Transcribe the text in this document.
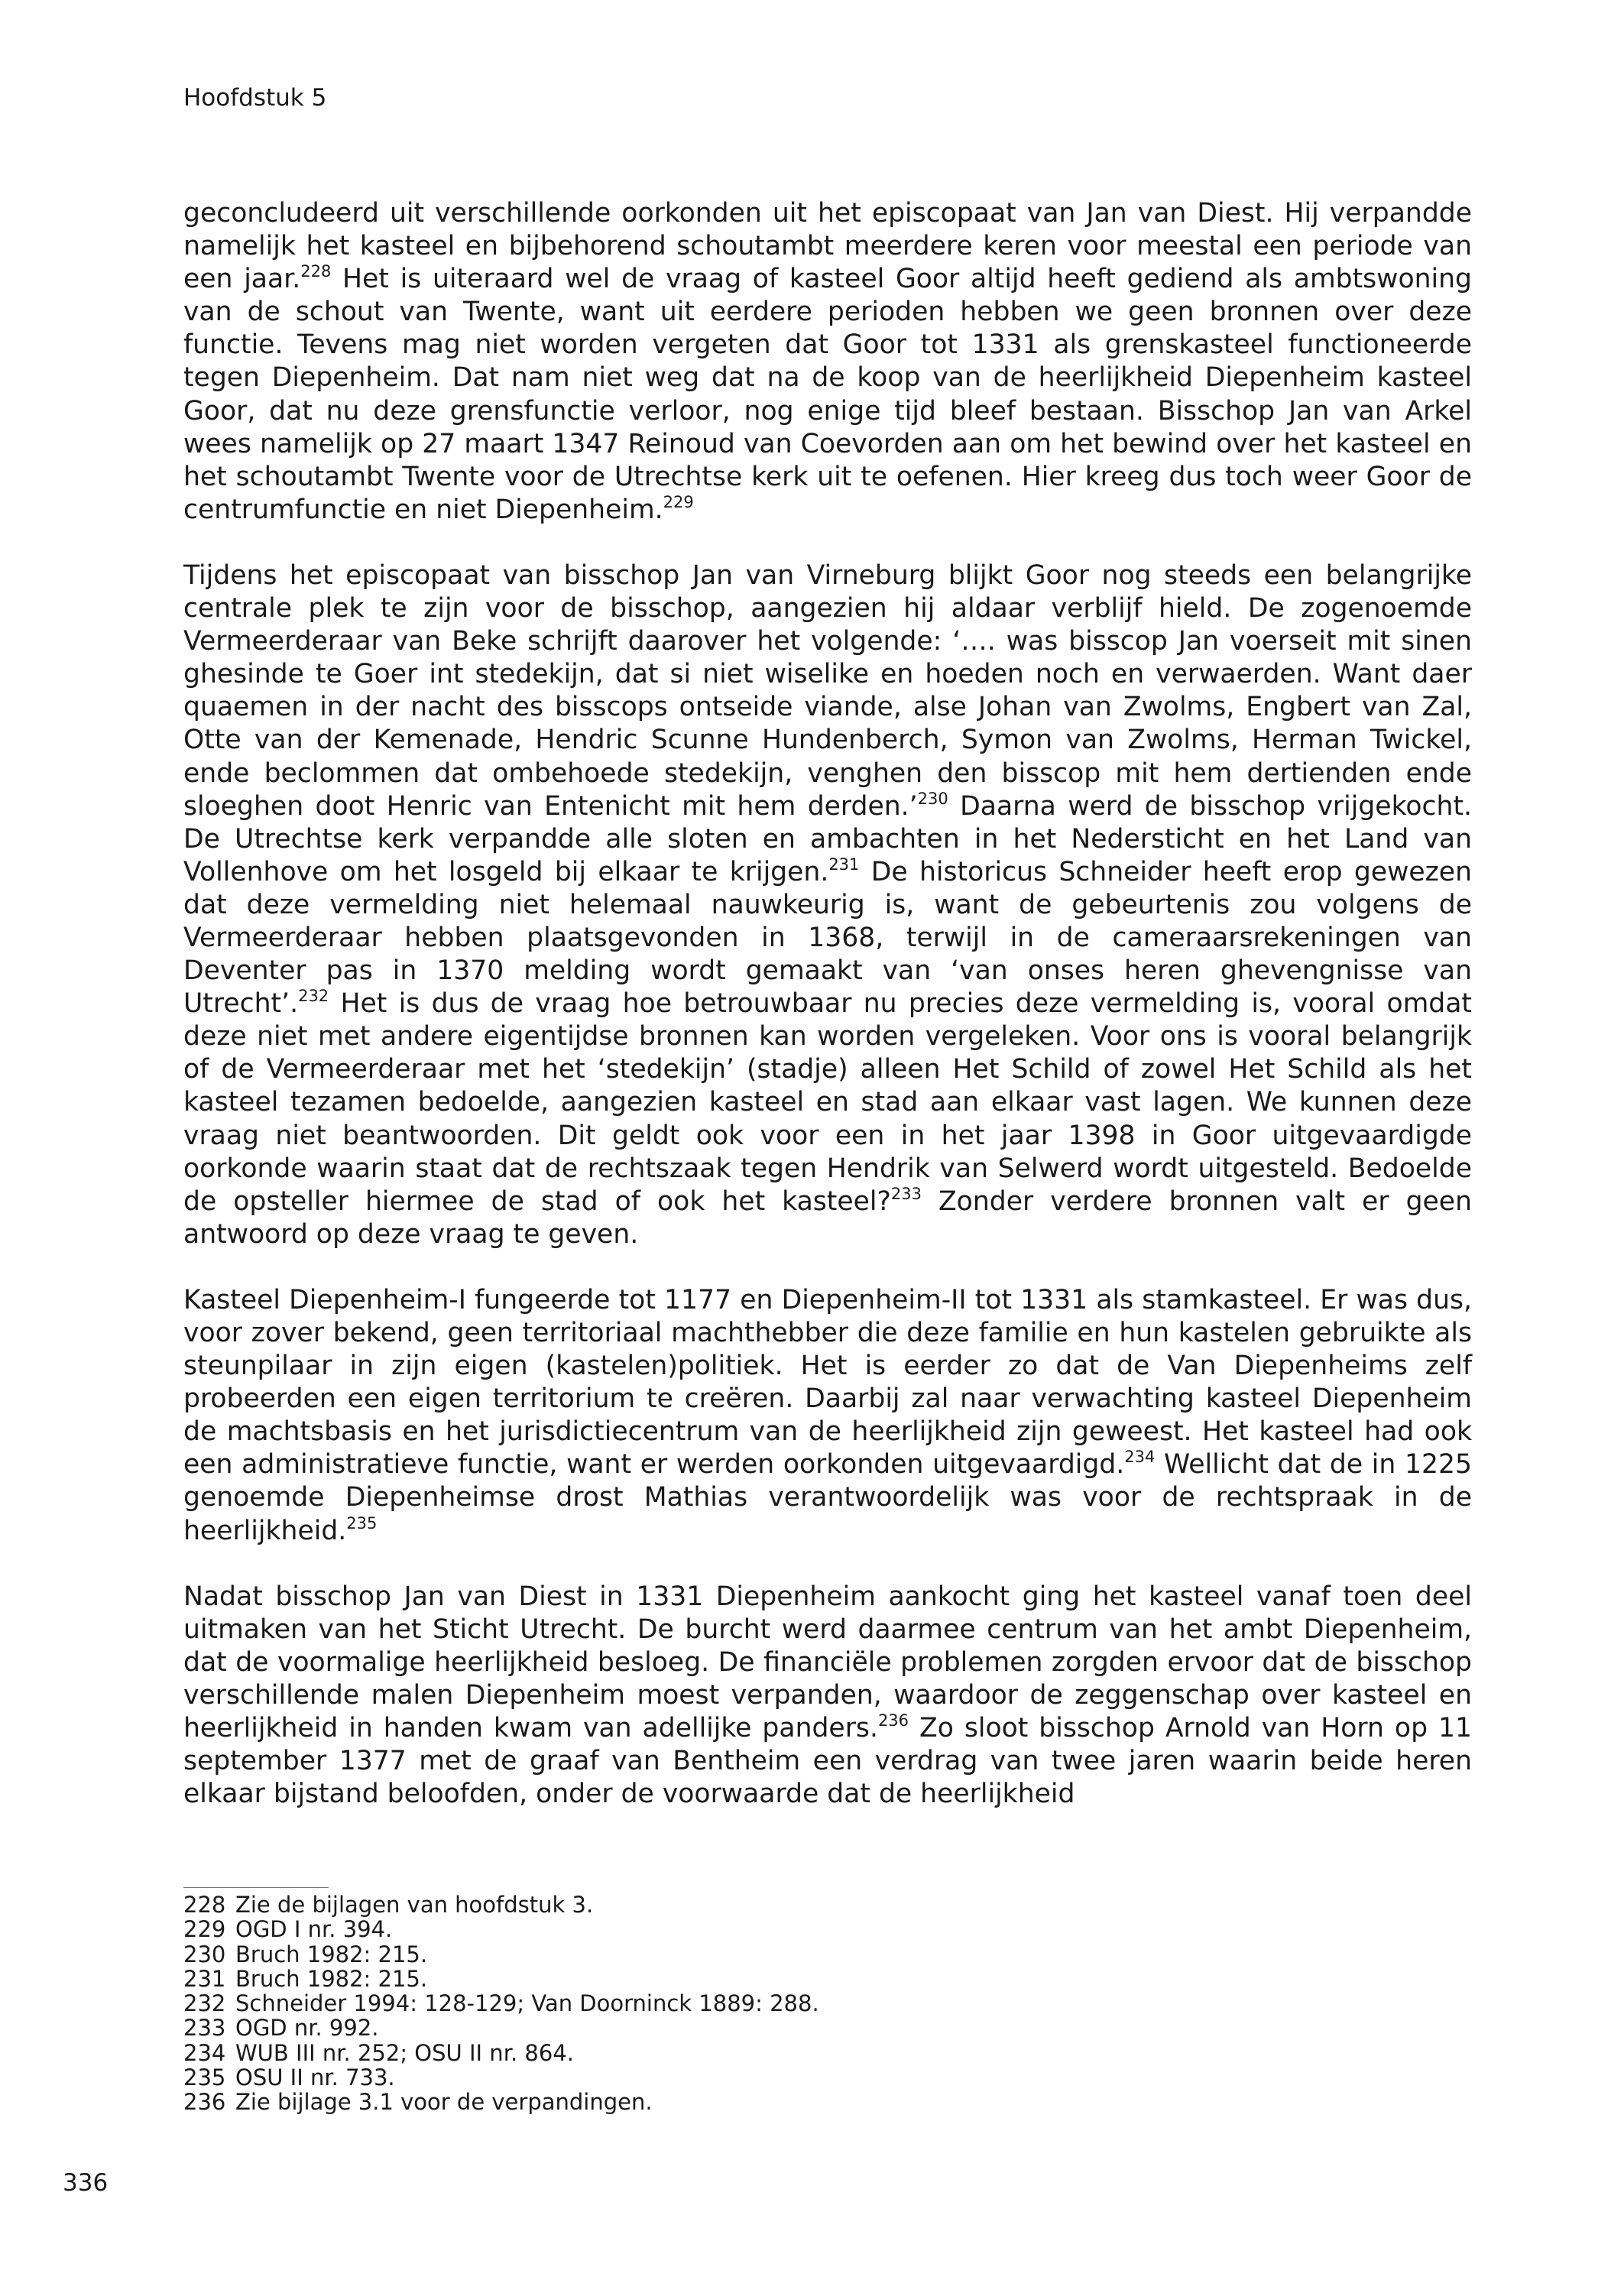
Hoofdstuk 5

geconcludeerd uit verschillende oorkonden uit het episcopaat van Jan van Diest. Hij verpandde namelijk het kasteel en bijbehorend schoutambt meerdere keren voor meestal een periode van een jaar.$^{228}$ Het is uiteraard wel de vraag of kasteel Goor altijd heeft gediend als ambtswoning van de schout van Twente, want uit eerdere perioden hebben we geen bronnen over deze functie. Tevens mag niet worden vergeten dat Goor tot 1331 als grenskasteel functioneerde tegen Diepenheim. Dat nam niet weg dat na de koop van de heerlijkheid Diepenheim kasteel Goor, dat nu deze grensfunctie verloor, nog enige tijd bleef bestaan. Bisschop Jan van Arkel wees namelijk op 27 maart 1347 Reinoud van Coevorden aan om het bewind over het kasteel en het schoutambt Twente voor de Utrechtse kerk uit te oefenen. Hier kreeg dus toch weer Goor de centrumfunctie en niet Diepenheim.$^{229}$

Tijdens het episcopaat van bisschop Jan van Virneburg blijkt Goor nog steeds een belangrijke centrale plek te zijn voor de bisschop, aangezien hij aldaar verblijf hield. De zogenoemde Vermeerderaar van Beke schrijft daarover het volgende: ‘…. was bisscop Jan voerseit mit sinen ghesinde te Goer int stedekijn, dat si niet wiselike en hoeden noch en verwaerden. Want daer quaemen in der nacht des bisscops ontseide viande, alse Johan van Zwolms, Engbert van Zal, Otte van der Kemenade, Hendric Scunne Hundenberch, Symon van Zwolms, Herman Twickel, ende beclommen dat ombehoede stedekijn, venghen den bisscop mit hem dertienden ende sloeghen doot Henric van Entenicht mit hem derden.’$^{230}$ Daarna werd de bisschop vrijgekocht. De Utrechtse kerk verpandde alle sloten en ambachten in het Nedersticht en het Land van Vollenhove om het losgeld bij elkaar te krijgen.$^{231}$ De historicus Schneider heeft erop gewezen dat deze vermelding niet helemaal nauwkeurig is, want de gebeurtenis zou volgens de Vermeerderaar hebben plaatsgevonden in 1368, terwijl in de cameraarsrekeningen van Deventer pas in 1370 melding wordt gemaakt van ‘van onses heren ghevengnisse van Utrecht’.$^{232}$ Het is dus de vraag hoe betrouwbaar nu precies deze vermelding is, vooral omdat deze niet met andere eigentijdse bronnen kan worden vergeleken. Voor ons is vooral belangrijk of de Vermeerderaar met het ‘stedekijn’ (stadje) alleen Het Schild of zowel Het Schild als het kasteel tezamen bedoelde, aangezien kasteel en stad aan elkaar vast lagen. We kunnen deze vraag niet beantwoorden. Dit geldt ook voor een in het jaar 1398 in Goor uitgevaardigde oorkonde waarin staat dat de rechtszaak tegen Hendrik van Selwerd wordt uitgesteld. Bedoelde de opsteller hiermee de stad of ook het kasteel?$^{233}$ Zonder verdere bronnen valt er geen antwoord op deze vraag te geven.

Kasteel Diepenheim-I fungeerde tot 1177 en Diepenheim-II tot 1331 als stamkasteel. Er was dus, voor zover bekend, geen territoriaal machthebber die deze familie en hun kastelen gebruikte als steunpilaar in zijn eigen (kastelen)politiek. Het is eerder zo dat de Van Diepenheims zelf probeerden een eigen territorium te creëren. Daarbij zal naar verwachting kasteel Diepenheim de machtsbasis en het jurisdictiecentrum van de heerlijkheid zijn geweest. Het kasteel had ook een administratieve functie, want er werden oorkonden uitgevaardigd.$^{234}$ Wellicht dat de in 1225 genoemde Diepenheimse drost Mathias verantwoordelijk was voor de rechtspraak in de heerlijkheid.$^{235}$

Nadat bisschop Jan van Diest in 1331 Diepenheim aankocht ging het kasteel vanaf toen deel uitmaken van het Sticht Utrecht. De burcht werd daarmee centrum van het ambt Diepenheim, dat de voormalige heerlijkheid besloeg. De financiële problemen zorgden ervoor dat de bisschop verschillende malen Diepenheim moest verpanden, waardoor de zeggenschap over kasteel en heerlijkheid in handen kwam van adellijke panders.$^{236}$ Zo sloot bisschop Arnold van Horn op 11 september 1377 met de graaf van Bentheim een verdrag van twee jaren waarin beide heren elkaar bijstand beloofden, onder de voorwaarde dat de heerlijkheid

228 Zie de bijlagen van hoofdstuk 3.
229 OGD I nr. 394.
230 Bruch 1982: 215.
231 Bruch 1982: 215.
232 Schneider 1994: 128-129; Van Doorninck 1889: 288.
233 OGD nr. 992.
234 WUB III nr. 252; OSU II nr. 864.
235 OSU II nr. 733.
236 Zie bijlage 3.1 voor de verpandingen.
336
